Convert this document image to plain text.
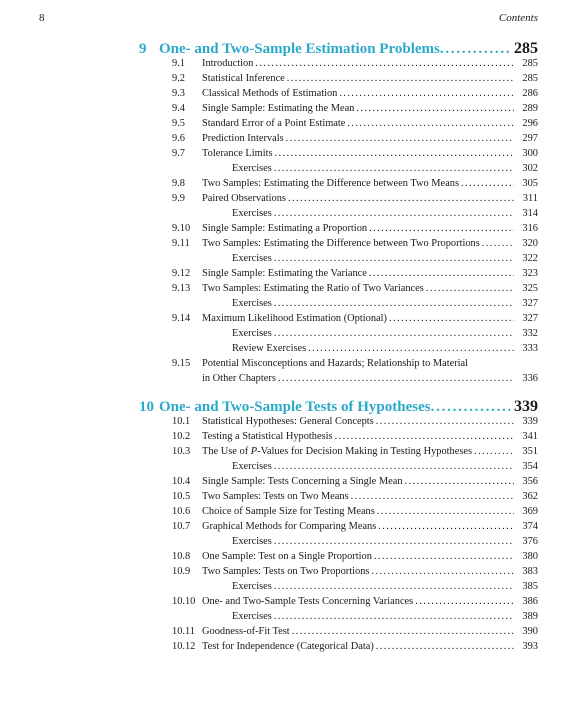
8	Contents
9 One- and Two-Sample Estimation Problems . . .	285
9.1	Introduction . . .	285
9.2	Statistical Inference . . .	285
9.3	Classical Methods of Estimation . . .	286
9.4	Single Sample: Estimating the Mean . . .	289
9.5	Standard Error of a Point Estimate . . .	296
9.6	Prediction Intervals . . .	297
9.7	Tolerance Limits . . .	300
Exercises . . .	302
9.8	Two Samples: Estimating the Difference between Two Means . . .	305
9.9	Paired Observations . . .	311
Exercises . . .	314
9.10	Single Sample: Estimating a Proportion . . .	316
9.11	Two Samples: Estimating the Difference between Two Proportions . . .	320
Exercises . . .	322
9.12	Single Sample: Estimating the Variance . . .	323
9.13	Two Samples: Estimating the Ratio of Two Variances . . .	325
Exercises . . .	327
9.14	Maximum Likelihood Estimation (Optional) . . .	327
Exercises . . .	332
Review Exercises . . .	333
9.15	Potential Misconceptions and Hazards; Relationship to Material
in Other Chapters . . .	336
10 One- and Two-Sample Tests of Hypotheses . . .	339
10.1	Statistical Hypotheses: General Concepts . . .	339
10.2	Testing a Statistical Hypothesis . . .	341
10.3	The Use of P-Values for Decision Making in Testing Hypotheses . . .	351
Exercises . . .	354
10.4	Single Sample: Tests Concerning a Single Mean . . .	356
10.5	Two Samples: Tests on Two Means . . .	362
10.6	Choice of Sample Size for Testing Means . . .	369
10.7	Graphical Methods for Comparing Means . . .	374
Exercises . . .	376
10.8	One Sample: Test on a Single Proportion . . .	380
10.9	Two Samples: Tests on Two Proportions . . .	383
Exercises . . .	385
10.10 One- and Two-Sample Tests Concerning Variances . . .	386
Exercises . . .	389
10.11 Goodness-of-Fit Test . . .	390
10.12 Test for Independence (Categorical Data) . . .	393
